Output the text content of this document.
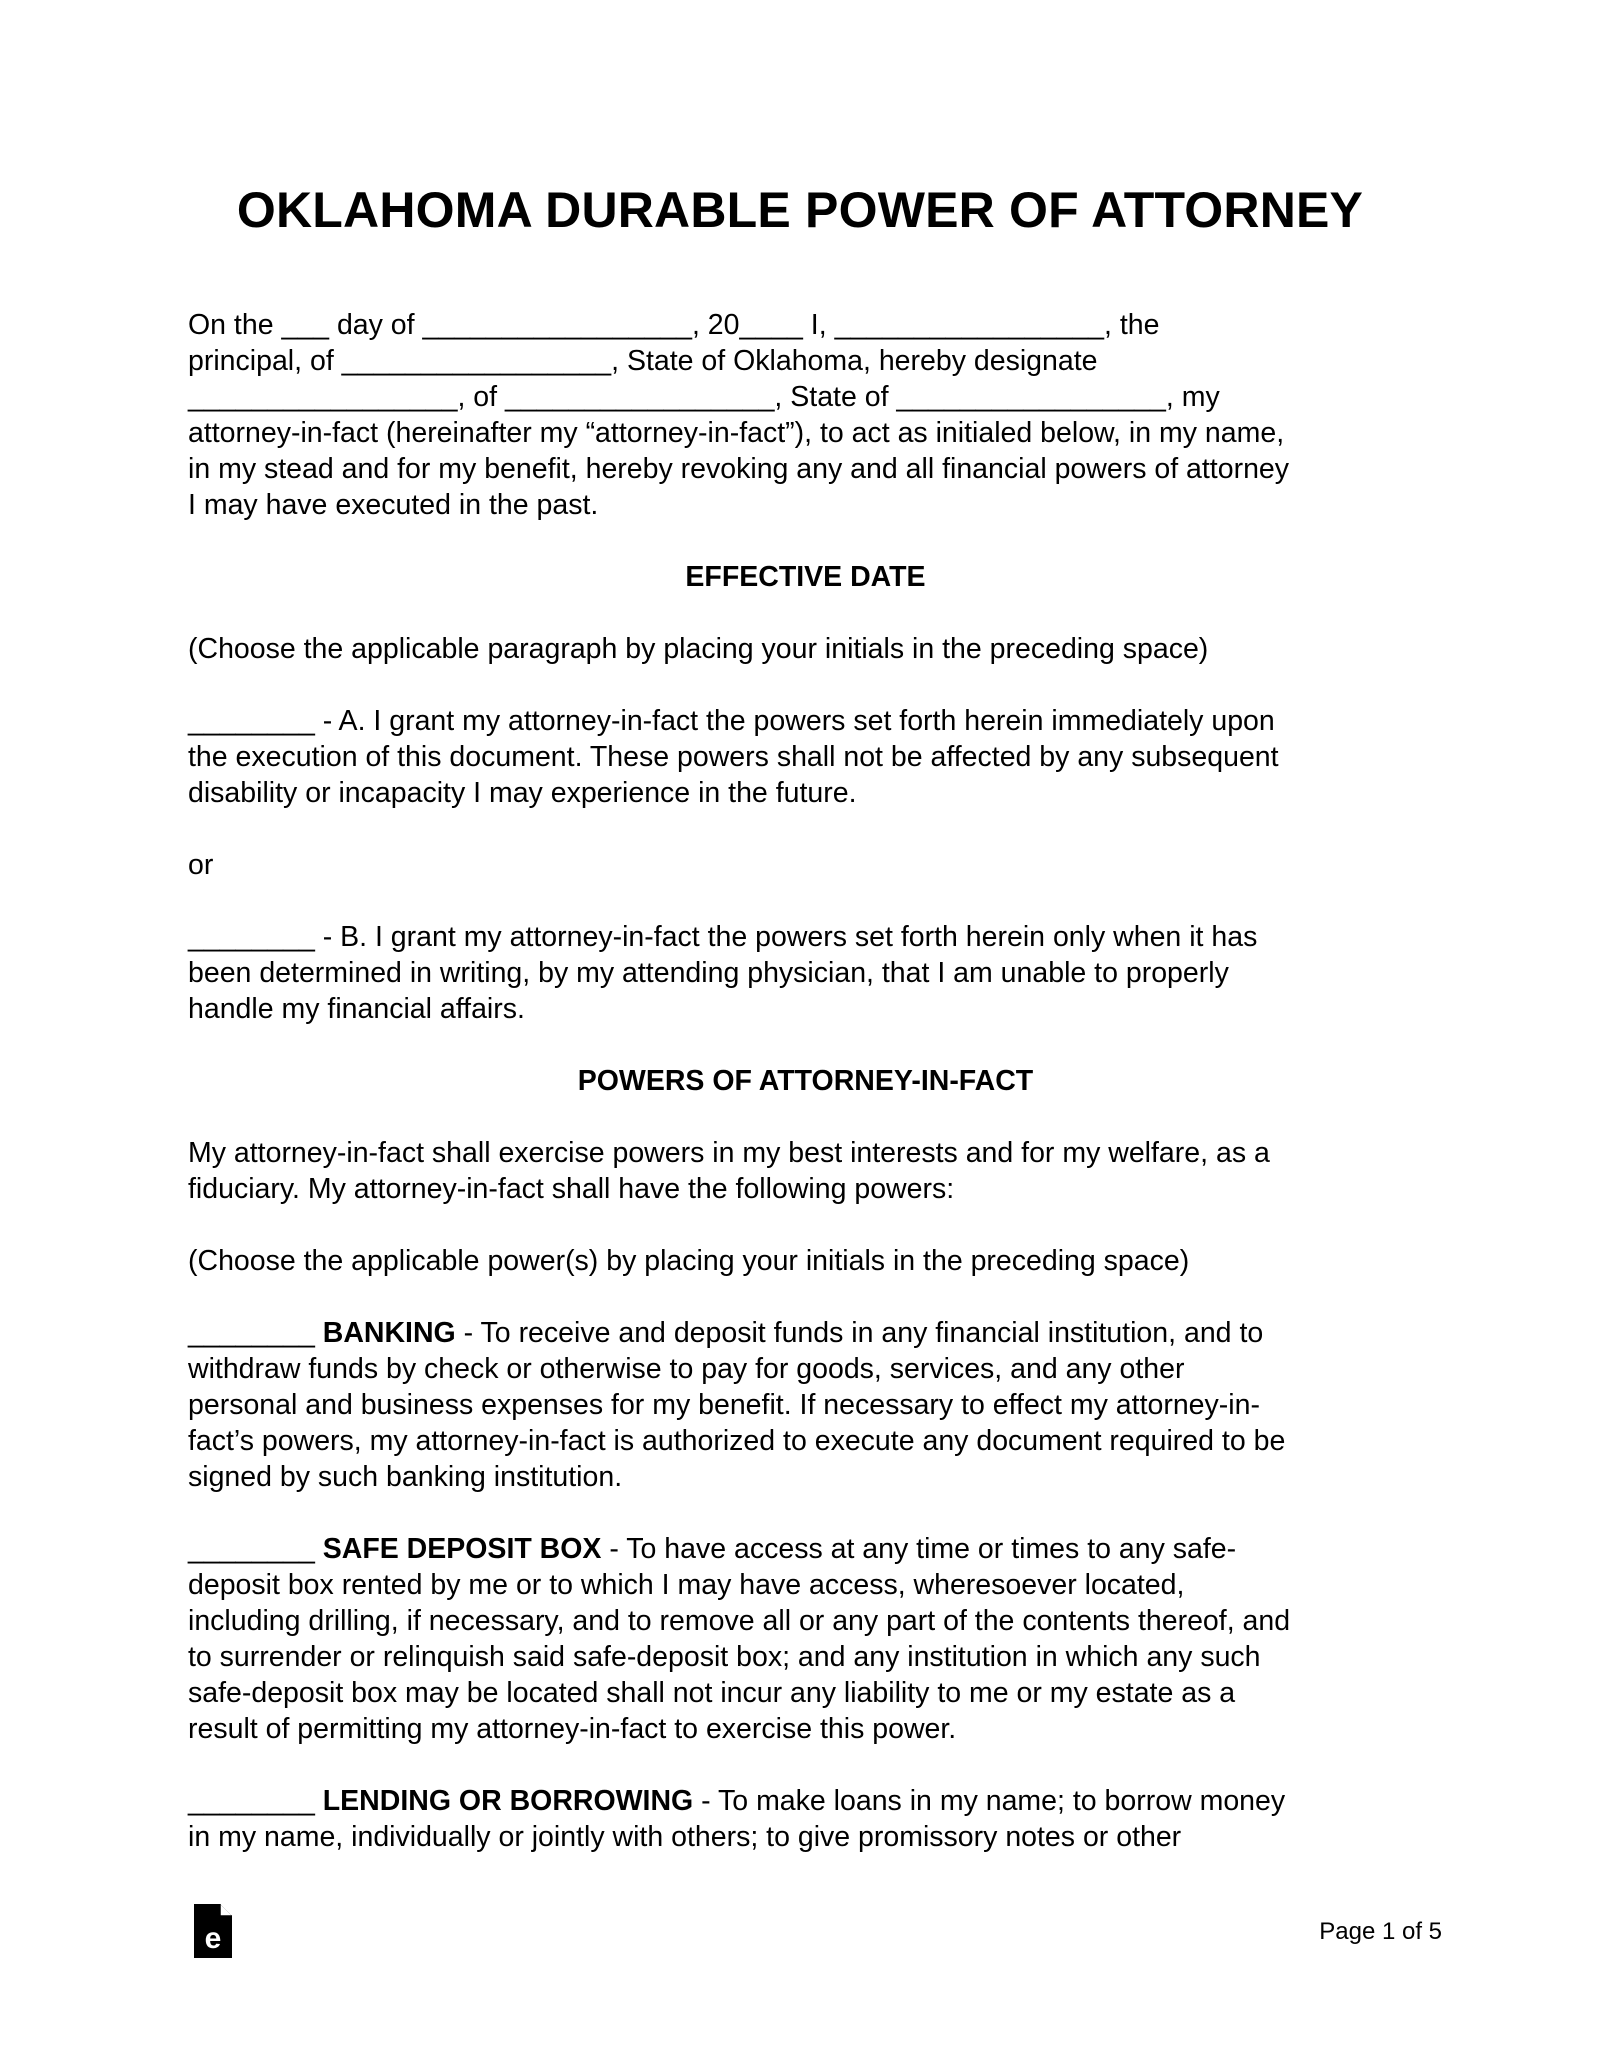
OKLAHOMA DURABLE POWER OF ATTORNEY

On the ___ day of _________________, 20____ I, _________________, the
principal, of _________________, State of Oklahoma, hereby designate
_________________, of _________________, State of _________________, my
attorney-in-fact (hereinafter my “attorney-in-fact”), to act as initialed below, in my name,
in my stead and for my benefit, hereby revoking any and all financial powers of attorney
I may have executed in the past.

EFFECTIVE DATE

(Choose the applicable paragraph by placing your initials in the preceding space)

________ - A. I grant my attorney-in-fact the powers set forth herein immediately upon
the execution of this document. These powers shall not be affected by any subsequent
disability or incapacity I may experience in the future.

or

________ - B. I grant my attorney-in-fact the powers set forth herein only when it has
been determined in writing, by my attending physician, that I am unable to properly
handle my financial affairs.

POWERS OF ATTORNEY-IN-FACT

My attorney-in-fact shall exercise powers in my best interests and for my welfare, as a
fiduciary. My attorney-in-fact shall have the following powers:

(Choose the applicable power(s) by placing your initials in the preceding space)

________ BANKING - To receive and deposit funds in any financial institution, and to
withdraw funds by check or otherwise to pay for goods, services, and any other
personal and business expenses for my benefit. If necessary to effect my attorney-in-
fact’s powers, my attorney-in-fact is authorized to execute any document required to be
signed by such banking institution.

________ SAFE DEPOSIT BOX - To have access at any time or times to any safe-
deposit box rented by me or to which I may have access, wheresoever located,
including drilling, if necessary, and to remove all or any part of the contents thereof, and
to surrender or relinquish said safe-deposit box; and any institution in which any such
safe-deposit box may be located shall not incur any liability to me or my estate as a
result of permitting my attorney-in-fact to exercise this power.

________ LENDING OR BORROWING - To make loans in my name; to borrow money
in my name, individually or jointly with others; to give promissory notes or other

e	Page 1 of 5
